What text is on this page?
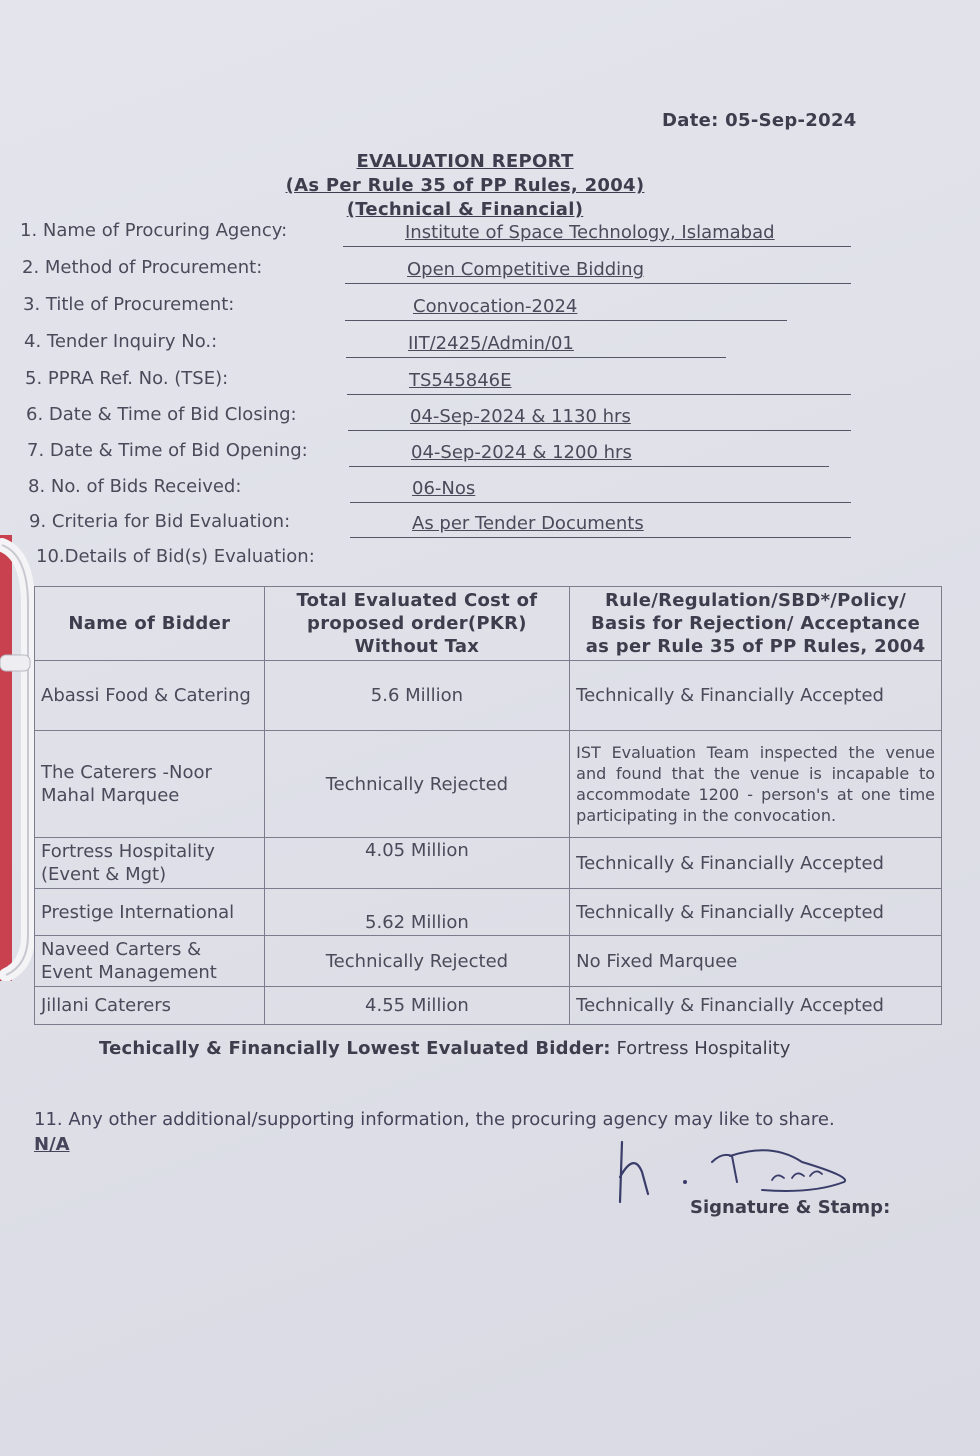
Date: 05-Sep-2024
EVALUATION REPORT
(As Per Rule 35 of PP Rules, 2004)
(Technical & Financial)
1. Name of Procuring Agency:	Institute of Space Technology, Islamabad
2. Method of Procurement:	Open Competitive Bidding
3. Title of Procurement:	Convocation-2024
4. Tender Inquiry No.:	IIT/2425/Admin/01
5. PPRA Ref. No. (TSE):	TS545846E
6. Date & Time of Bid Closing:	04-Sep-2024 & 1130 hrs
7. Date & Time of Bid Opening:	04-Sep-2024 & 1200 hrs
8. No. of Bids Received:	06-Nos
9. Criteria for Bid Evaluation:	As per Tender Documents
10.Details of Bid(s) Evaluation:
Name of Bidder	Total Evaluated Cost of proposed order(PKR) Without Tax	Rule/Regulation/SBD*/Policy/ Basis for Rejection/ Acceptance as per Rule 35 of PP Rules, 2004
Abassi Food & Catering	5.6 Million	Technically & Financially Accepted
The Caterers -Noor Mahal Marquee	Technically Rejected	IST Evaluation Team inspected the venue and found that the venue is incapable to accommodate 1200 - person's at one time participating in the convocation.
Fortress Hospitality (Event & Mgt)	4.05 Million	Technically & Financially Accepted
Prestige International	5.62 Million	Technically & Financially Accepted
Naveed Carters & Event Management	Technically Rejected	No Fixed Marquee
Jillani Caterers	4.55 Million	Technically & Financially Accepted
Techically & Financially Lowest Evaluated Bidder: Fortress Hospitality
11. Any other additional/supporting information, the procuring agency may like to share. N/A
Signature & Stamp:
